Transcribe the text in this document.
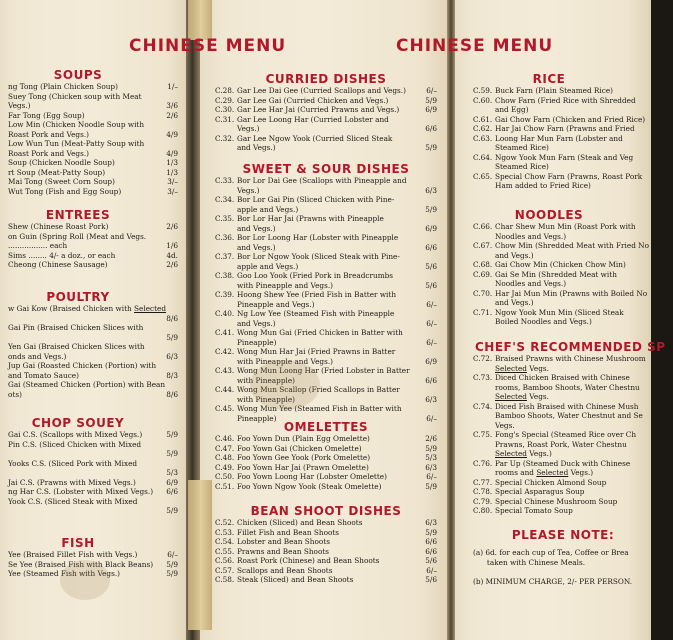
SOUPS
ng Tong (Plain Chicken Soup)	1/–
Suey Tong (Chicken soup with Meat
Vegs.)	3/6
Far Tong (Egg Soup)	2/6
Low Min (Chicken Noodle Soup with
Roast Pork and Vegs.)	4/9
Low Wun Tun (Meat-Patty Soup with
Roast Pork and Vegs.)	4/9
Soup (Chicken Noodle Soup)	1/3
rt Soup (Meat-Patty Soup)	1/3
Mai Tong (Sweet Corn Soup)	3/–
Wut Tong (Fish and Egg Soup)	3/–
ENTREES
Shew (Chinese Roast Pork)	2/6
on Guin (Spring Roll (Meat and Vegs.
................. each	1/6
Sims ........ 4/- a doz., or each	4d.
Cheong (Chinese Sausage)	2/6
POULTRY
w Gai Kow (Braised Chicken with Selected
8/6
Gai Pin (Braised Chicken Slices with
5/9
Yen Gai (Braised Chicken Slices with
onds and Vegs.)	6/3
Jup Gai (Roasted Chicken (Portion) with
and Tomato Sauce)	8/3
Gai (Steamed Chicken (Portion) with Bean
ots)	8/6
CHOP SOUEY
Gai C.S. (Scallops with Mixed Vegs.)	5/9
Pin C.S. (Sliced Chicken with Mixed
5/9
Yooks C.S. (Sliced Pork with Mixed
5/3
Jai C.S. (Prawns with Mixed Vegs.)	6/9
ng Har C.S. (Lobster with Mixed Vegs.)	6/6
Yook C.S. (Sliced Steak with Mixed
5/9
FISH
Yee (Braised Fillet Fish with Vegs.)	6/–
Se Yee (Braised Fish with Black Beans)	5/9
Yee (Steamed Fish with Vegs.)	5/9
CURRIED DISHES
C.28. Gar Lee Dai Gee (Curried Scallops and Vegs.)	6/–
C.29. Gar Lee Gai (Curried Chicken and Vegs.)	5/9
C.30. Gar Lee Har Jai (Curried Prawns and Vegs.)	6/9
C.31. Gar Lee Loong Har (Curried Lobster and
Vegs.)	6/6
C.32. Gar Lee Ngow Yook (Curried Sliced Steak
and Vegs.)	5/9
SWEET & SOUR DISHES
C.33. Bor Lor Dai Gee (Scallops with Pineapple and
Vegs.)	6/3
C.34. Bor Lor Gai Pin (Sliced Chicken with Pine-
apple and Vegs.)	5/9
C.35. Bor Lor Har Jai (Prawns with Pineapple
and Vegs.)	6/9
C.36. Bor Lor Loong Har (Lobster with Pineapple
and Vegs.)	6/6
C.37. Bor Lor Ngow Yook (Sliced Steak with Pine-
apple and Vegs.)	5/6
C.38. Goo Loo Yook (Fried Pork in Breadcrumbs
with Pineapple and Vegs.)	5/6
C.39. Hoong Shew Yee (Fried Fish in Batter with
Pineapple and Vegs.)	6/–
C.40. Ng Low Yee (Steamed Fish with Pineapple
and Vegs.)	6/–
C.41. Wong Mun Gai (Fried Chicken in Batter with
Pineapple)	6/–
C.42. Wong Mun Har Jai (Fried Prawns in Batter
with Pineapple and Vegs.)	6/9
C.43. Wong Mun Loong Har (Fried Lobster in Batter
with Pineapple)	6/6
C.44. Wong Mun Scallop (Fried Scallops in Batter
with Pineapple)	6/3
C.45. Wong Mun Yee (Steamed Fish in Batter with
Pineapple)	6/–
OMELETTES
C.46. Foo Yown Dun (Plain Egg Omelette)	2/6
C.47. Foo Yown Gai (Chicken Omelette)	5/9
C.48. Foo Yown Gee Yook (Pork Omelette)	5/3
C.49. Foo Yown Har Jai (Prawn Omelette)	6/3
C.50. Foo Yown Loong Har (Lobster Omelette)	6/–
C.51. Foo Yown Ngow Yook (Steak Omelette)	5/9
BEAN SHOOT DISHES
C.52. Chicken (Sliced) and Bean Shoots	6/3
C.53. Fillet Fish and Bean Shoots	5/9
C.54. Lobster and Bean Shoots	6/6
C.55. Prawns and Bean Shoots	6/6
C.56. Roast Pork (Chinese) and Bean Shoots	5/6
C.57. Scallops and Bean Shoots	6/–
C.58. Steak (Sliced) and Bean Shoots	5/6
RICE
C.59. Buck Farn (Plain Steamed Rice)
C.60. Chow Farn (Fried Rice with Shredded
and Egg)
C.61. Gai Chow Farn (Chicken and Fried Rice)
C.62. Har Jai Chow Farn (Prawns and Fried
C.63. Loong Har Mun Farn (Lobster and
Steamed Rice)
C.64. Ngow Yook Mun Farn (Steak and Veg
Steamed Rice)
C.65. Special Chow Farn (Prawns, Roast Pork
Ham added to Fried Rice)
NOODLES
C.66. Char Shew Mun Min (Roast Pork with
Noodles and Vegs.)
C.67. Chow Min (Shredded Meat with Fried No
and Vegs.)
C.68. Gai Chow Min (Chicken Chow Min)
C.69. Gai Se Min (Shredded Meat with
Noodles and Vegs.)
C.70. Har Jai Mun Min (Prawns with Boiled No
and Vegs.)
C.71. Ngow Yook Mun Min (Sliced Steak
Boiled Noodles and Vegs.)
CHEF'S RECOMMENDED SP
C.72. Braised Prawns with Chinese Mushroom
Selected Vegs.
C.73. Diced Chicken Braised with Chinese
rooms, Bamboo Shoots, Water Chestnu
Selected Vegs.
C.74. Diced Fish Braised with Chinese Mush
Bamboo Shoots, Water Chestnut and Se
Vegs.
C.75. Fong's Special (Steamed Rice over Ch
Prawns, Roast Pork, Water Chestnu
Selected Vegs.)
C.76. Par Up (Steamed Duck with Chinese
rooms and Selected Vegs.)
C.77. Special Chicken Almond Soup
C.78. Special Asparagus Soup
C.79. Special Chinese Mushroom Soup
C.80. Special Tomato Soup
PLEASE NOTE:
(a) 6d. for each cup of Tea, Coffee or Brea
taken with Chinese Meals.

(b) MINIMUM CHARGE, 2/- PER PERSON.
CHINESE MENU	CHINESE MENU
